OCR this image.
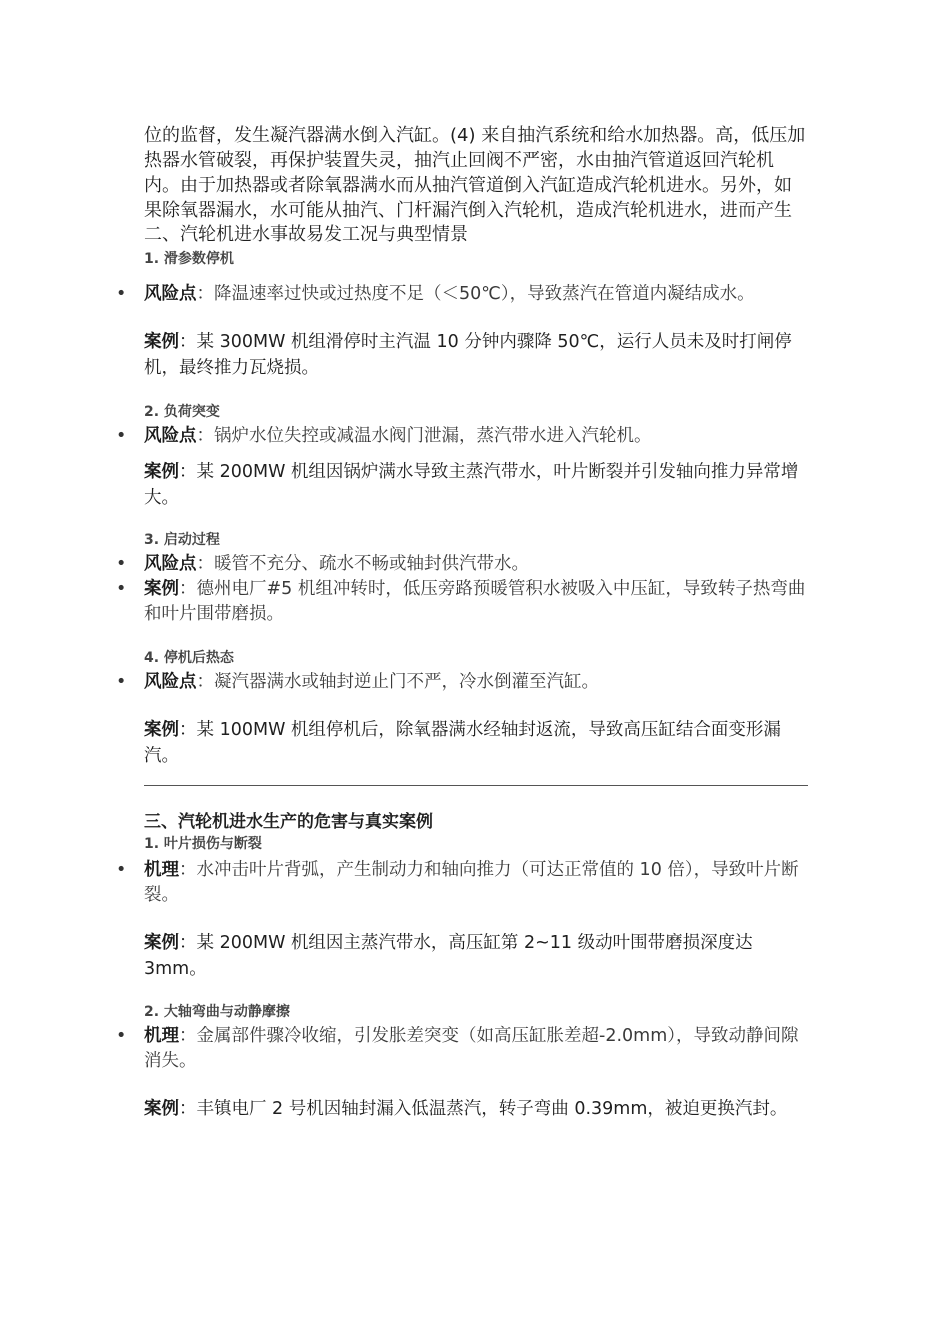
位的监督，发生凝汽器满水倒入汽缸。(4) 来自抽汽系统和给水加热器。高，低压加热器水管破裂，再保护装置失灵，抽汽止回阀不严密，水由抽汽管道返回汽轮机内。由于加热器或者除氧器满水而从抽汽管道倒入汽缸造成汽轮机进水。另外，如果除氧器漏水，水可能从抽汽、门杆漏汽倒入汽轮机，造成汽轮机进水，进而产生

二、汽轮机进水事故易发工况与典型情景

1. 滑参数停机

• 风险点：降温速率过快或过热度不足（＜50℃），导致蒸汽在管道内凝结成水。

案例：某 300MW 机组滑停时主汽温 10 分钟内骤降 50℃，运行人员未及时打闸停机，最终推力瓦烧损。

2. 负荷突变

• 风险点：锅炉水位失控或减温水阀门泄漏，蒸汽带水进入汽轮机。

案例：某 200MW 机组因锅炉满水导致主蒸汽带水，叶片断裂并引发轴向推力异常增大。

3. 启动过程

• 风险点：暖管不充分、疏水不畅或轴封供汽带水。
• 案例：德州电厂#5 机组冲转时，低压旁路预暖管积水被吸入中压缸，导致转子热弯曲和叶片围带磨损。

4. 停机后热态

• 风险点：凝汽器满水或轴封逆止门不严，冷水倒灌至汽缸。

案例：某 100MW 机组停机后，除氧器满水经轴封返流，导致高压缸结合面变形漏汽。

三、汽轮机进水生产的危害与真实案例

1. 叶片损伤与断裂

• 机理：水冲击叶片背弧，产生制动力和轴向推力（可达正常值的 10 倍），导致叶片断裂。

案例：某 200MW 机组因主蒸汽带水，高压缸第 2~11 级动叶围带磨损深度达 3mm。

2. 大轴弯曲与动静摩擦

• 机理：金属部件骤冷收缩，引发胀差突变（如高压缸胀差超-2.0mm），导致动静间隙消失。

案例：丰镇电厂 2 号机因轴封漏入低温蒸汽，转子弯曲 0.39mm，被迫更换汽封。
